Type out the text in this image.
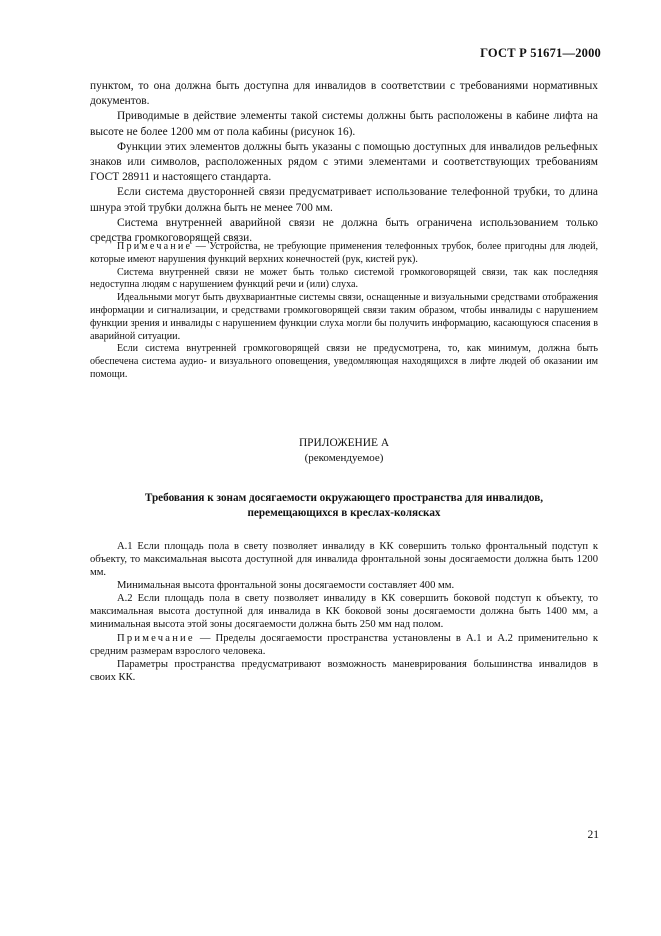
ГОСТ Р 51671—2000

пунктом, то она должна быть доступна для инвалидов в соответствии с требованиями нормативных документов.

Приводимые в действие элементы такой системы должны быть расположены в кабине лифта на высоте не более 1200 мм от пола кабины (рисунок 16).

Функции этих элементов должны быть указаны с помощью доступных для инвалидов рельефных знаков или символов, расположенных рядом с этими элементами и соответствующих требованиям ГОСТ 28911 и настоящего стандарта.

Если система двусторонней связи предусматривает использование телефонной трубки, то длина шнура этой трубки должна быть не менее 700 мм.

Система внутренней аварийной связи не должна быть ограничена использованием только средства громкоговорящей связи.

Примечание — Устройства, не требующие применения телефонных трубок, более пригодны для людей, которые имеют нарушения функций верхних конечностей (рук, кистей рук).

Система внутренней связи не может быть только системой громкоговорящей связи, так как последняя недоступна людям с нарушением функций речи и (или) слуха.

Идеальными могут быть двухвариантные системы связи, оснащенные и визуальными средствами отображения информации и сигнализации, и средствами громкоговорящей связи таким образом, чтобы инвалиды с нарушением функции зрения и инвалиды с нарушением функции слуха могли бы получить информацию, касающуюся спасения в аварийной ситуации.

Если система внутренней громкоговорящей связи не предусмотрена, то, как минимум, должна быть обеспечена система аудио- и визуального оповещения, уведомляющая находящихся в лифте людей об оказании им помощи.

ПРИЛОЖЕНИЕ А
(рекомендуемое)
Требования к зонам досягаемости окружающего пространства для инвалидов,
перемещающихся в креслах-колясках

А.1 Если площадь пола в свету позволяет инвалиду в КК совершить только фронтальный подступ к объекту, то максимальная высота доступной для инвалида фронтальной зоны досягаемости должна быть 1200 мм.

Минимальная высота фронтальной зоны досягаемости составляет 400 мм.

А.2 Если площадь пола в свету позволяет инвалиду в КК совершить боковой подступ к объекту, то максимальная высота доступной для инвалида в КК боковой зоны досягаемости должна быть 1400 мм, а минимальная высота этой зоны досягаемости должна быть 250 мм над полом.

Примечание — Пределы досягаемости пространства установлены в А.1 и А.2 применительно к средним размерам взрослого человека.

Параметры пространства предусматривают возможность маневрирования большинства инвалидов в своих КК.

21
